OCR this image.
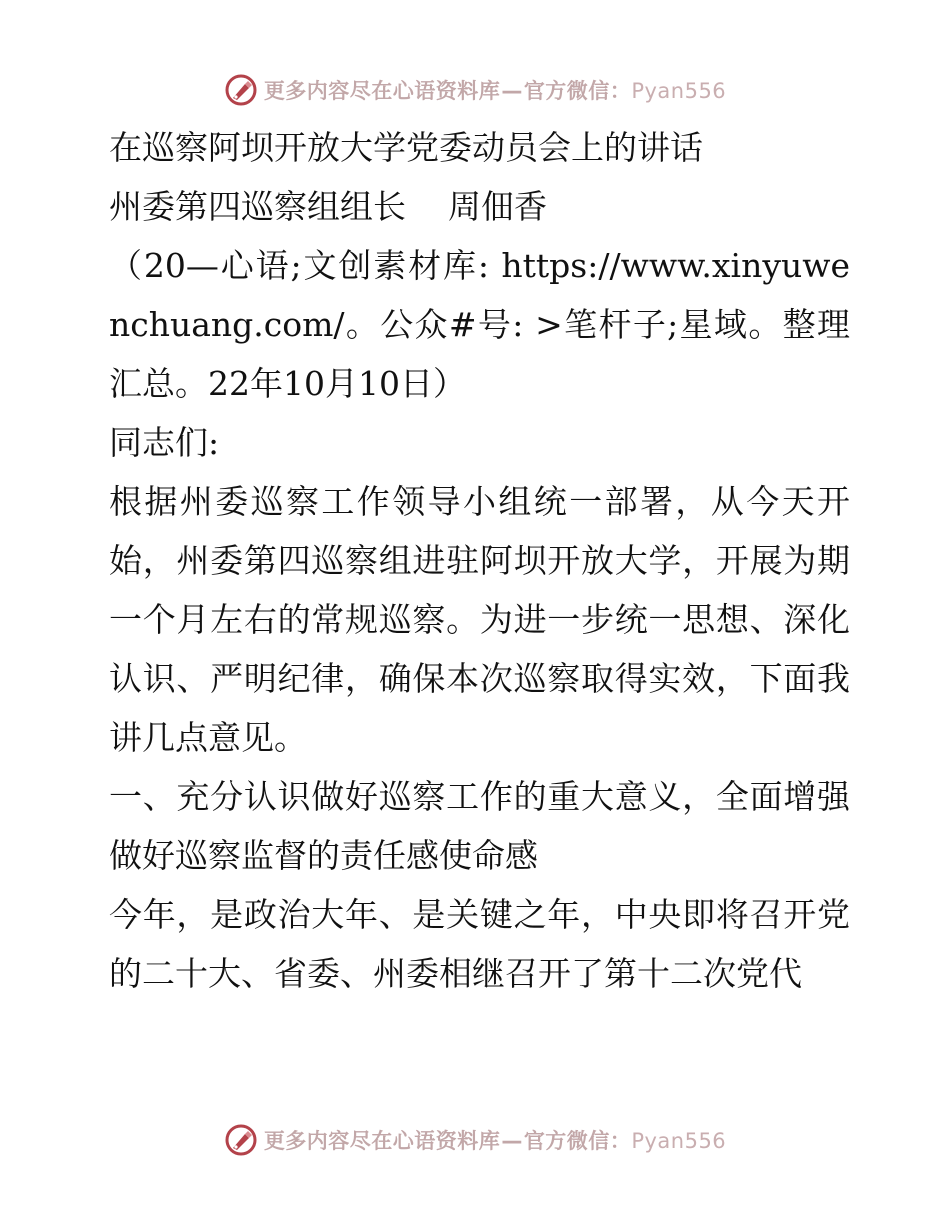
更多内容尽在心语资料库—官方微信：Pyan556

在巡察阿坝开放大学党委动员会上的讲话

州委第四巡察组组长    周佃香

（20—心语;文创素材库: https://www.xinyuwenchuang.com/。公众#号: >笔杆子;星域。整理汇总。22年10月10日）

同志们:

根据州委巡察工作领导小组统一部署，从今天开始，州委第四巡察组进驻阿坝开放大学，开展为期一个月左右的常规巡察。为进一步统一思想、深化认识、严明纪律，确保本次巡察取得实效，下面我讲几点意见。

一、充分认识做好巡察工作的重大意义，全面增强做好巡察监督的责任感使命感

今年，是政治大年、是关键之年，中央即将召开党的二十大、省委、州委相继召开了第十二次党代

更多内容尽在心语资料库—官方微信：Pyan556
